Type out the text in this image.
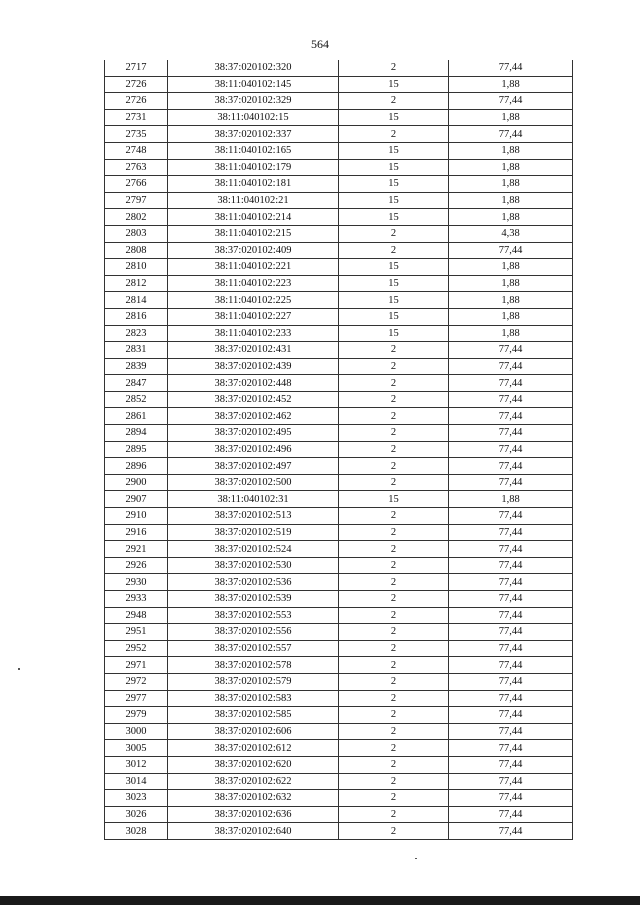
564
2717	38:37:020102:320	2	77,44
2726	38:11:040102:145	15	1,88
2726	38:37:020102:329	2	77,44
2731	38:11:040102:15	15	1,88
2735	38:37:020102:337	2	77,44
2748	38:11:040102:165	15	1,88
2763	38:11:040102:179	15	1,88
2766	38:11:040102:181	15	1,88
2797	38:11:040102:21	15	1,88
2802	38:11:040102:214	15	1,88
2803	38:11:040102:215	2	4,38
2808	38:37:020102:409	2	77,44
2810	38:11:040102:221	15	1,88
2812	38:11:040102:223	15	1,88
2814	38:11:040102:225	15	1,88
2816	38:11:040102:227	15	1,88
2823	38:11:040102:233	15	1,88
2831	38:37:020102:431	2	77,44
2839	38:37:020102:439	2	77,44
2847	38:37:020102:448	2	77,44
2852	38:37:020102:452	2	77,44
2861	38:37:020102:462	2	77,44
2894	38:37:020102:495	2	77,44
2895	38:37:020102:496	2	77,44
2896	38:37:020102:497	2	77,44
2900	38:37:020102:500	2	77,44
2907	38:11:040102:31	15	1,88
2910	38:37:020102:513	2	77,44
2916	38:37:020102:519	2	77,44
2921	38:37:020102:524	2	77,44
2926	38:37:020102:530	2	77,44
2930	38:37:020102:536	2	77,44
2933	38:37:020102:539	2	77,44
2948	38:37:020102:553	2	77,44
2951	38:37:020102:556	2	77,44
2952	38:37:020102:557	2	77,44
2971	38:37:020102:578	2	77,44
2972	38:37:020102:579	2	77,44
2977	38:37:020102:583	2	77,44
2979	38:37:020102:585	2	77,44
3000	38:37:020102:606	2	77,44
3005	38:37:020102:612	2	77,44
3012	38:37:020102:620	2	77,44
3014	38:37:020102:622	2	77,44
3023	38:37:020102:632	2	77,44
3026	38:37:020102:636	2	77,44
3028	38:37:020102:640	2	77,44
